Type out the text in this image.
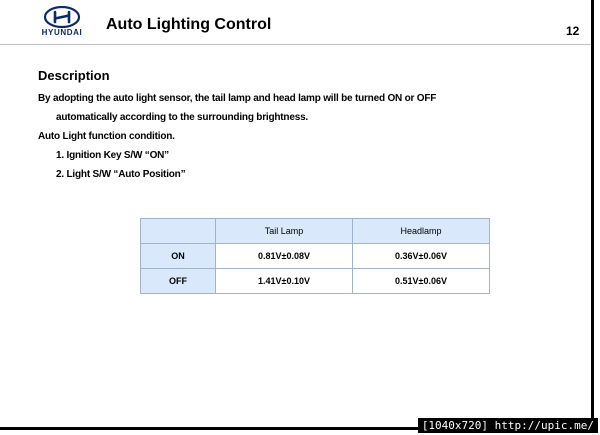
HYUNDAI	Auto Lighting Control	12
Description
By adopting the auto light sensor, the tail lamp and head lamp will be turned ON or OFF
automatically according to the surrounding brightness.
Auto Light function condition.
1. Ignition Key S/W “ON”
2. Light S/W “Auto Position”
	Tail Lamp	Headlamp
ON	0.81V±0.08V	0.36V±0.06V
OFF	1.41V±0.10V	0.51V±0.06V
[1040x720] http://upic.me/
